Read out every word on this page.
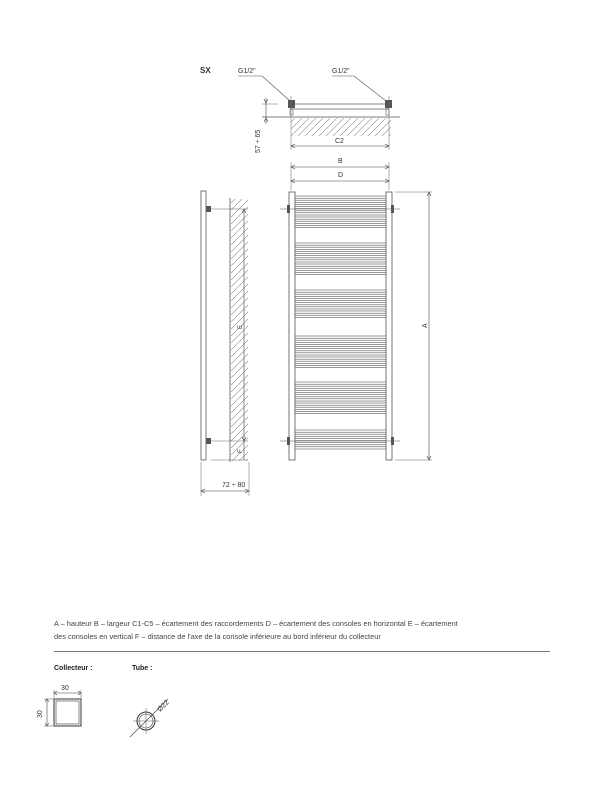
SX	G1/2"	G1/2"
57 ÷ 65	C2
B
D
A
E
F
72 ÷ 80
30
30
Ø22
A – hauteur B – largeur C1-C5 – écartement des raccordements D – écartement des consoles en horizontal E – écartement
des consoles en vertical F – distance de l'axe de la console inférieure au bord inférieur du collecteur
Collecteur :	Tube :
